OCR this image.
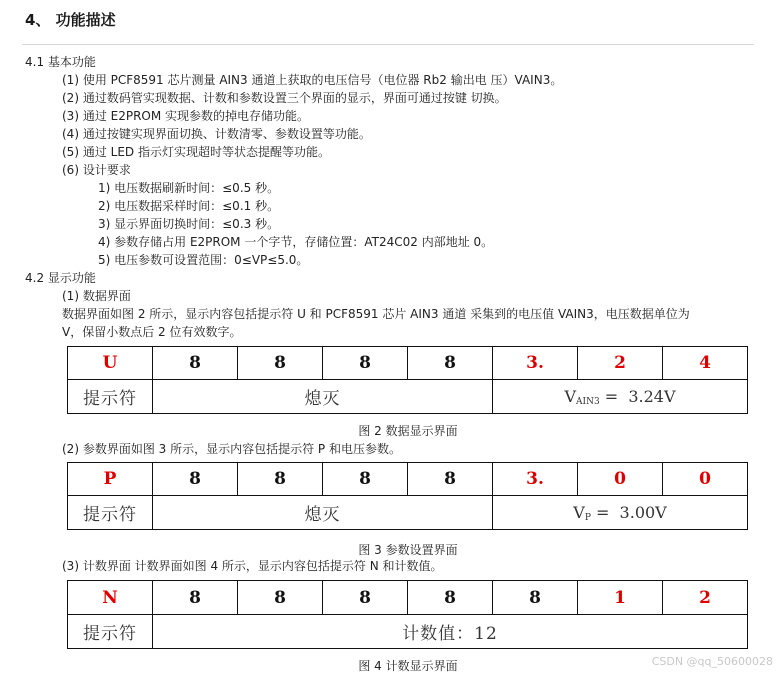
4、 功能描述
4.1 基本功能
(1) 使用 PCF8591 芯片测量 AIN3 通道上获取的电压信号（电位器 Rb2 输出电 压）VAIN3。
(2) 通过数码管实现数据、计数和参数设置三个界面的显示，界面可通过按键 切换。
(3) 通过 E2PROM 实现参数的掉电存储功能。
(4) 通过按键实现界面切换、计数清零、参数设置等功能。
(5) 通过 LED 指示灯实现超时等状态提醒等功能。
(6) 设计要求
1) 电压数据刷新时间：≤0.5 秒。
2) 电压数据采样时间：≤0.1 秒。
3) 显示界面切换时间：≤0.3 秒。
4) 参数存储占用 E2PROM 一个字节，存储位置：AT24C02 内部地址 0。
5) 电压参数可设置范围：0≤VP≤5.0。
4.2 显示功能
(1) 数据界面
数据界面如图 2 所示，显示内容包括提示符 U 和 PCF8591 芯片 AIN3 通道 采集到的电压值 VAIN3，电压数据单位为
V，保留小数点后 2 位有效数字。
U	8	8	8	8	3.	2	4
提示符	熄灭				$V_{AIN3} = 3.24V$		
图 2 数据显示界面
(2) 参数界面如图 3 所示，显示内容包括提示符 P 和电压参数。
P	8	8	8	8	3.	0	0
提示符	熄灭				$V_P = 3.00V$		
图 3 参数设置界面
(3) 计数界面 计数界面如图 4 所示，显示内容包括提示符 N 和计数值。
N	8	8	8	8	8	1	2
提示符	计数值：12						
图 4 计数显示界面	CSDN @qq_50600028
